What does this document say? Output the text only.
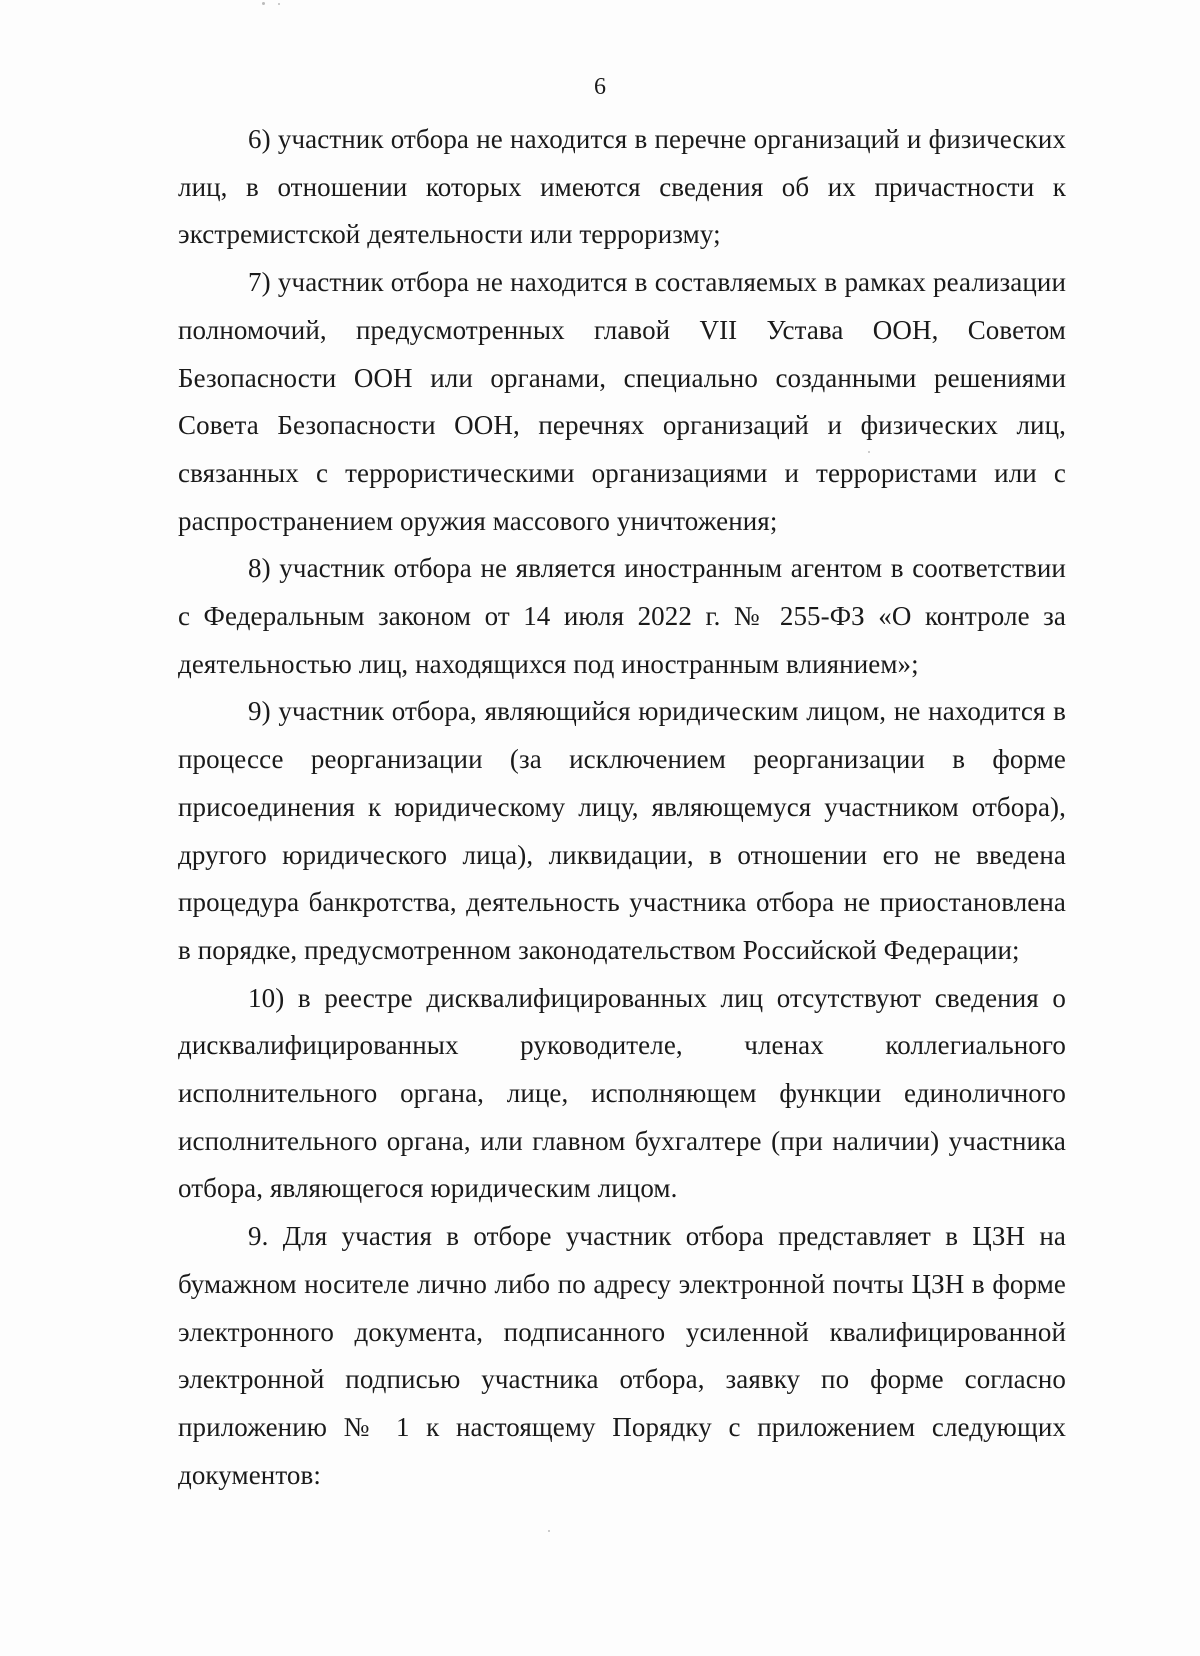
6

6) участник отбора не находится в перечне организаций и физических лиц, в отношении которых имеются сведения об их причастности к экстремистской деятельности или терроризму;

7) участник отбора не находится в составляемых в рамках реализации полномочий, предусмотренных главой VII Устава ООН, Советом Безопасности ООН или органами, специально созданными решениями Совета Безопасности ООН, перечнях организаций и физических лиц, связанных с террористическими организациями и террористами или с распространением оружия массового уничтожения;

8) участник отбора не является иностранным агентом в соответствии с Федеральным законом от 14 июля 2022 г. № 255-ФЗ «О контроле за деятельностью лиц, находящихся под иностранным влиянием»;

9) участник отбора, являющийся юридическим лицом, не находится в процессе реорганизации (за исключением реорганизации в форме присоединения к юридическому лицу, являющемуся участником отбора), другого юридического лица), ликвидации, в отношении его не введена процедура банкротства, деятельность участника отбора не приостановлена в порядке, предусмотренном законодательством Российской Федерации;

10) в реестре дисквалифицированных лиц отсутствуют сведения о дисквалифицированных руководителе, членах коллегиального исполнительного органа, лице, исполняющем функции единоличного исполнительного органа, или главном бухгалтере (при наличии) участника отбора, являющегося юридическим лицом.

9. Для участия в отборе участник отбора представляет в ЦЗН на бумажном носителе лично либо по адресу электронной почты ЦЗН в форме электронного документа, подписанного усиленной квалифицированной электронной подписью участника отбора, заявку по форме согласно приложению № 1 к настоящему Порядку с приложением следующих документов:
